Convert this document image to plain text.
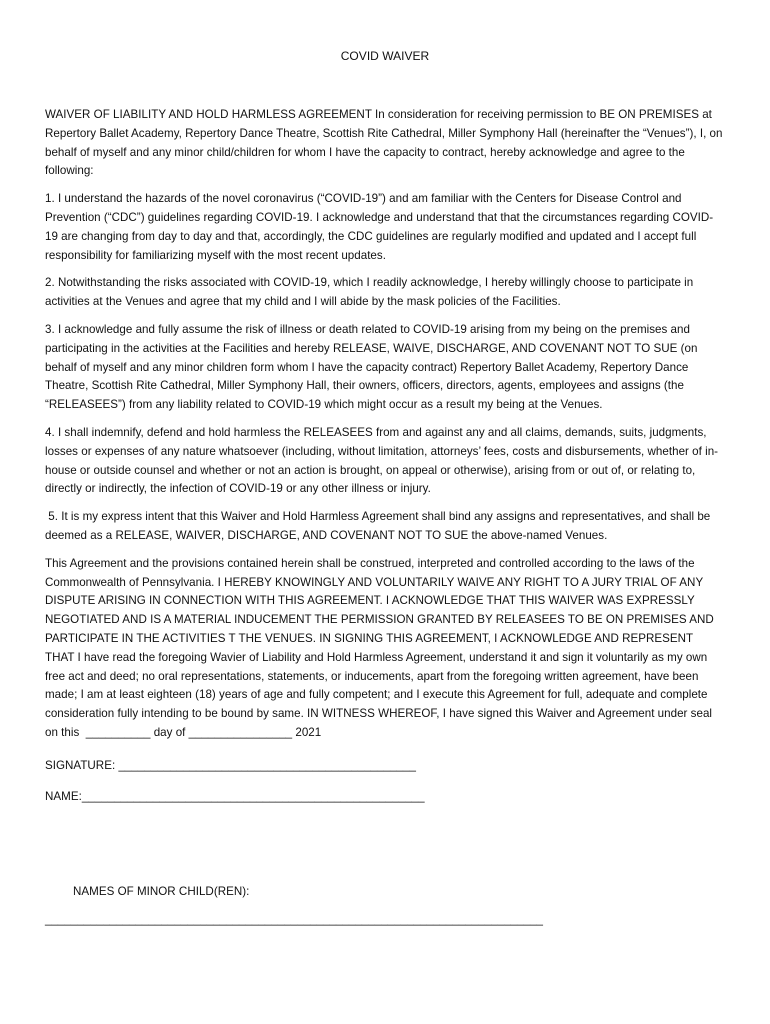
COVID WAIVER

WAIVER OF LIABILITY AND HOLD HARMLESS AGREEMENT In consideration for receiving permission to BE ON PREMISES at Repertory Ballet Academy, Repertory Dance Theatre, Scottish Rite Cathedral, Miller Symphony Hall (hereinafter the “Venues”), I, on behalf of myself and any minor child/children for whom I have the capacity to contract, hereby acknowledge and agree to the following:

1. I understand the hazards of the novel coronavirus (“COVID-19”) and am familiar with the Centers for Disease Control and Prevention (“CDC”) guidelines regarding COVID-19. I acknowledge and understand that that the circumstances regarding COVID-19 are changing from day to day and that, accordingly, the CDC guidelines are regularly modified and updated and I accept full responsibility for familiarizing myself with the most recent updates.

2. Notwithstanding the risks associated with COVID-19, which I readily acknowledge, I hereby willingly choose to participate in activities at the Venues and agree that my child and I will abide by the mask policies of the Facilities.

3. I acknowledge and fully assume the risk of illness or death related to COVID-19 arising from my being on the premises and participating in the activities at the Facilities and hereby RELEASE, WAIVE, DISCHARGE, AND COVENANT NOT TO SUE (on behalf of myself and any minor children form whom I have the capacity contract) Repertory Ballet Academy, Repertory Dance Theatre, Scottish Rite Cathedral, Miller Symphony Hall, their owners, officers, directors, agents, employees and assigns (the “RELEASEES”) from any liability related to COVID-19 which might occur as a result my being at the Venues.

4. I shall indemnify, defend and hold harmless the RELEASEES from and against any and all claims, demands, suits, judgments, losses or expenses of any nature whatsoever (including, without limitation, attorneys’ fees, costs and disbursements, whether of in-house or outside counsel and whether or not an action is brought, on appeal or otherwise), arising from or out of, or relating to, directly or indirectly, the infection of COVID-19 or any other illness or injury.

5. It is my express intent that this Waiver and Hold Harmless Agreement shall bind any assigns and representatives, and shall be deemed as a RELEASE, WAIVER, DISCHARGE, AND COVENANT NOT TO SUE the above-named Venues.

This Agreement and the provisions contained herein shall be construed, interpreted and controlled according to the laws of the Commonwealth of Pennsylvania. I HEREBY KNOWINGLY AND VOLUNTARILY WAIVE ANY RIGHT TO A JURY TRIAL OF ANY DISPUTE ARISING IN CONNECTION WITH THIS AGREEMENT. I ACKNOWLEDGE THAT THIS WAIVER WAS EXPRESSLY NEGOTIATED AND IS A MATERIAL INDUCEMENT THE PERMISSION GRANTED BY RELEASEES TO BE ON PREMISES AND PARTICIPATE IN THE ACTIVITIES T THE VENUES. IN SIGNING THIS AGREEMENT, I ACKNOWLEDGE AND REPRESENT THAT I have read the foregoing Wavier of Liability and Hold Harmless Agreement, understand it and sign it voluntarily as my own free act and deed; no oral representations, statements, or inducements, apart from the foregoing written agreement, have been made; I am at least eighteen (18) years of age and fully competent; and I execute this Agreement for full, adequate and complete consideration fully intending to be bound by same. IN WITNESS WHEREOF, I have signed this Waiver and Agreement under seal on this  __________ day of ________________ 2021

SIGNATURE: ______________________________________________

NAME:_____________________________________________________

NAMES OF MINOR CHILD(REN):
_____________________________________________________________________________
